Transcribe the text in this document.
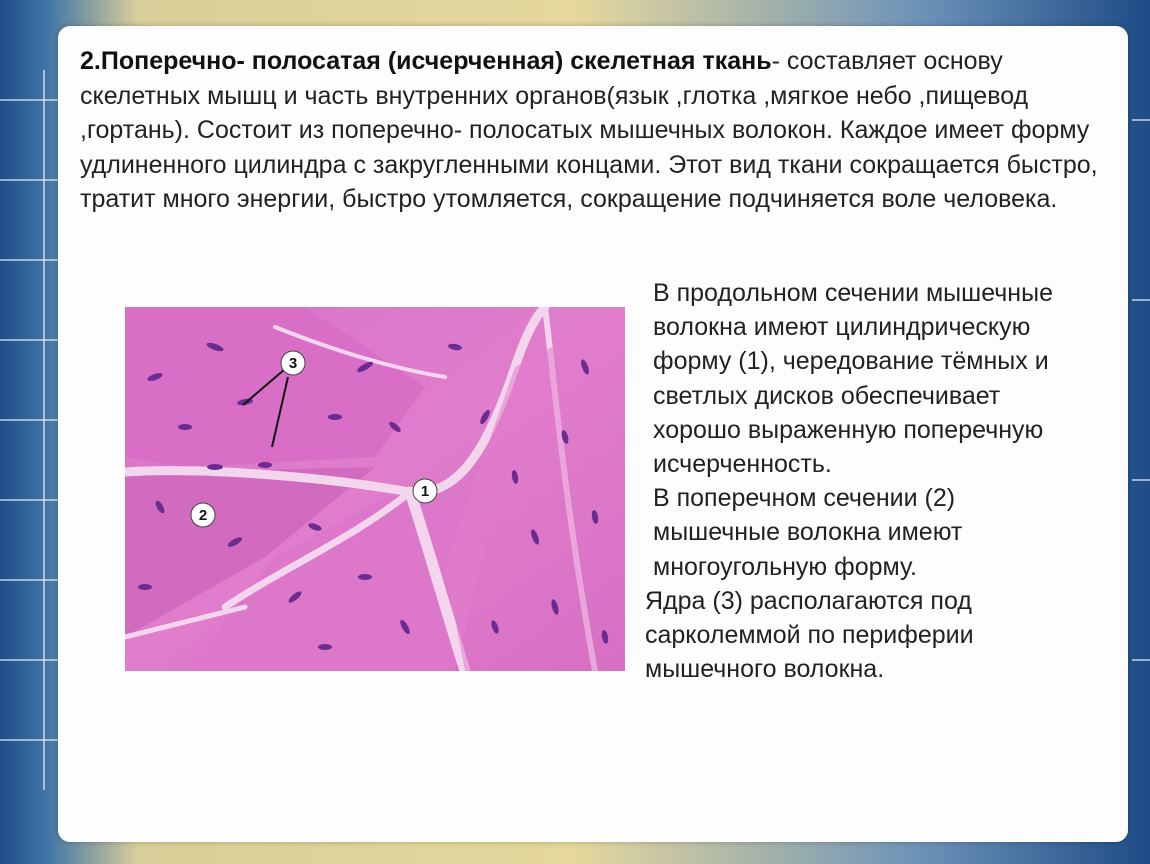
2.Поперечно- полосатая (исчерченная) скелетная ткань- составляет основу скелетных мышц и часть внутренних органов(язык ,глотка ,мягкое небо ,пищевод ,гортань). Состоит из поперечно- полосатых мышечных волокон. Каждое имеет форму удлиненного цилиндра с закругленными концами. Этот вид ткани сокращается быстро, тратит много энергии, быстро утомляется, сокращение подчиняется воле человека.

3
1
2

В продольном сечении мышечные волокна имеют цилиндрическую форму (1), чередование тёмных и светлых дисков обеспечивает хорошо выраженную поперечную исчерченность.

В поперечном сечении (2) мышечные волокна имеют многоугольную форму.

Ядра (3) располагаются под сарколеммой по периферии мышечного волокна.
